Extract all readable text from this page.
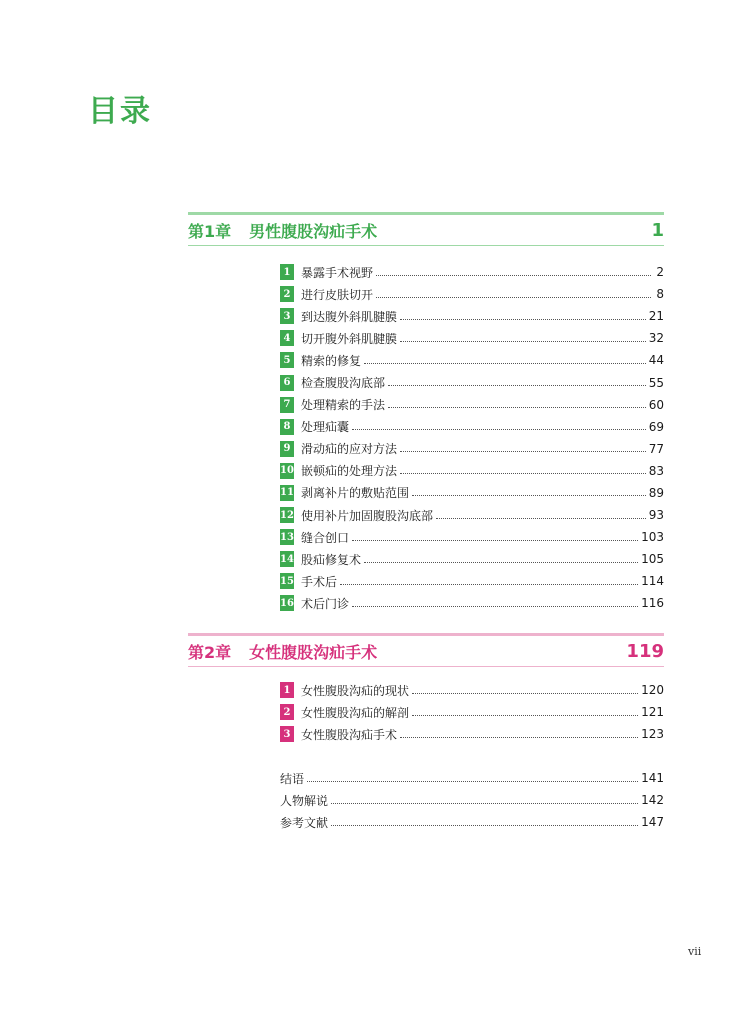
目录
第1章 男性腹股沟疝手术	1
1 暴露手术视野	2
2 进行皮肤切开	8
3 到达腹外斜肌腱膜	21
4 切开腹外斜肌腱膜	32
5 精索的修复	44
6 检查腹股沟底部	55
7 处理精索的手法	60
8 处理疝囊	69
9 滑动疝的应对方法	77
10 嵌顿疝的处理方法	83
11 剥离补片的敷贴范围	89
12 使用补片加固腹股沟底部	93
13 缝合创口	103
14 股疝修复术	105
15 手术后	114
16 术后门诊	116
第2章 女性腹股沟疝手术	119
1 女性腹股沟疝的现状	120
2 女性腹股沟疝的解剖	121
3 女性腹股沟疝手术	123
结语	141
人物解说	142
参考文献	147
vii
